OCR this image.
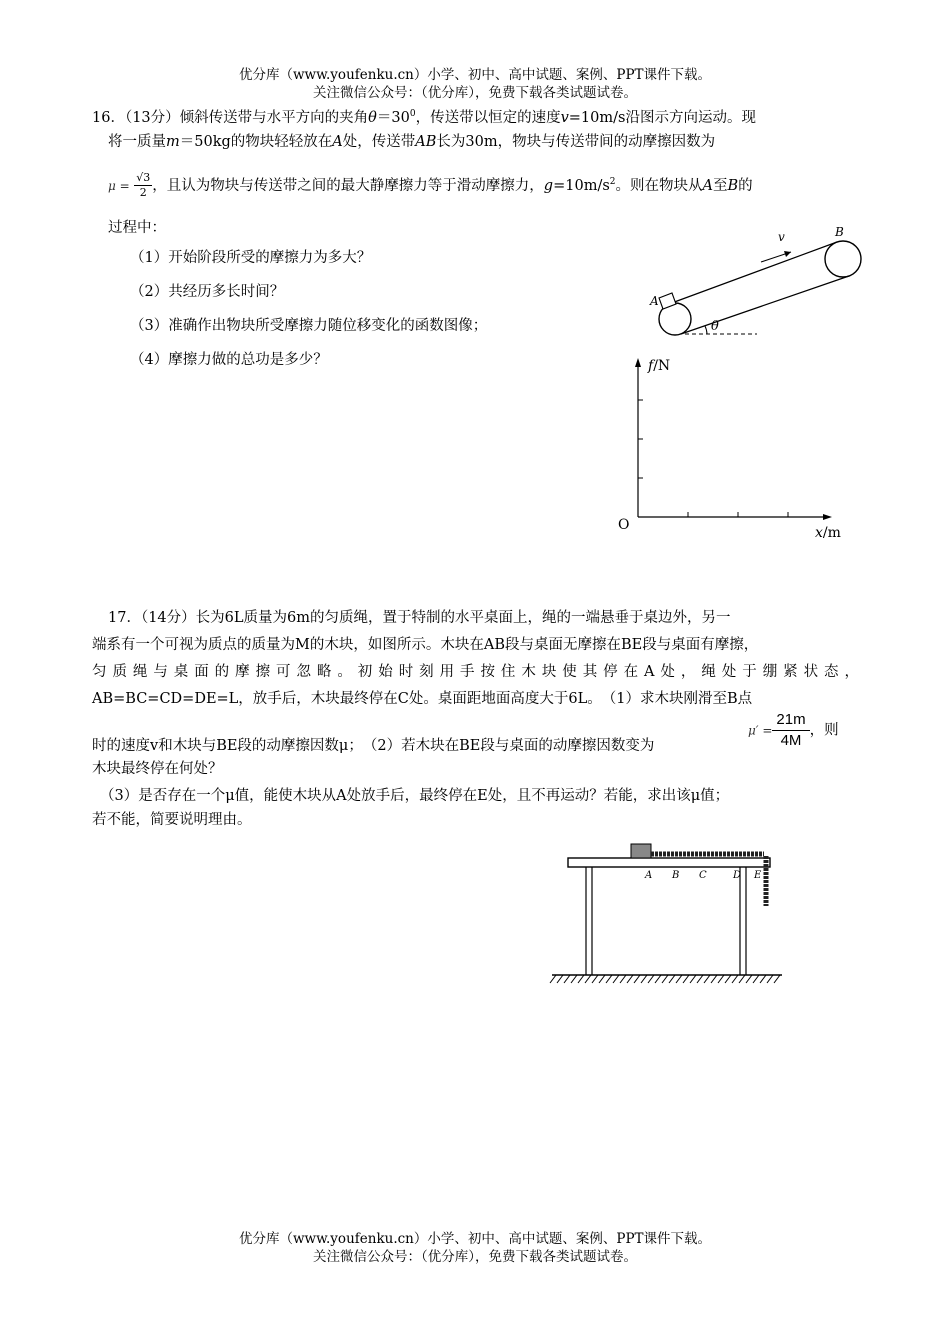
优分库（www.youfenku.cn）小学、初中、高中试题、案例、PPT课件下载。
关注微信公众号：（优分库），免费下载各类试题试卷。
16．（13分）倾斜传送带与水平方向的夹角$\theta=30^0$，传送带以恒定的速度v=10m/s沿图示方向运动。现
将一质量m＝50kg的物块轻轻放在A处，传送带AB长为30m，物块与传送带间的动摩擦因数为
$\mu = \frac{√3}{2}$ ，且认为物块与传送带之间的最大静摩擦力等于滑动摩擦力，$g=10m/s^2$。则在物块从A至B的
过程中：
（1）开始阶段所受的摩擦力为多大？
（2）共经历多长时间？
（3）准确作出物块所受摩擦力随位移变化的函数图像；
（4）摩擦力做的总功是多少？
v	B
A
θ
f/N
O	x/m
17．（14分）长为6L质量为6m的匀质绳，置于特制的水平桌面上，绳的一端悬垂于桌边外，另一
端系有一个可视为质点的质量为M的木块，如图所示。木块在AB段与桌面无摩擦在BE段与桌面有摩擦，
匀质绳与桌面的摩擦可忽略。初始时刻用手按住木块使其停在A处，绳处于绷紧状态，
AB=BC=CD=DE=L，放手后，木块最终停在C处。桌面距地面高度大于6L。　（1）求木块刚滑至B点
时的速度v和木块与BE段的动摩擦因数μ；　（2）若木块在BE段与桌面的动摩擦因数变为
$\mu' = \frac{21m}{4M}$ ，则
木块最终停在何处？
（3）是否存在一个μ值，能使木块从A处放手后，最终停在E处，且不再运动？若能，求出该μ值；
若不能，简要说明理由。
A B C	D E
优分库（www.youfenku.cn）小学、初中、高中试题、案例、PPT课件下载。
关注微信公众号：（优分库），免费下载各类试题试卷。
